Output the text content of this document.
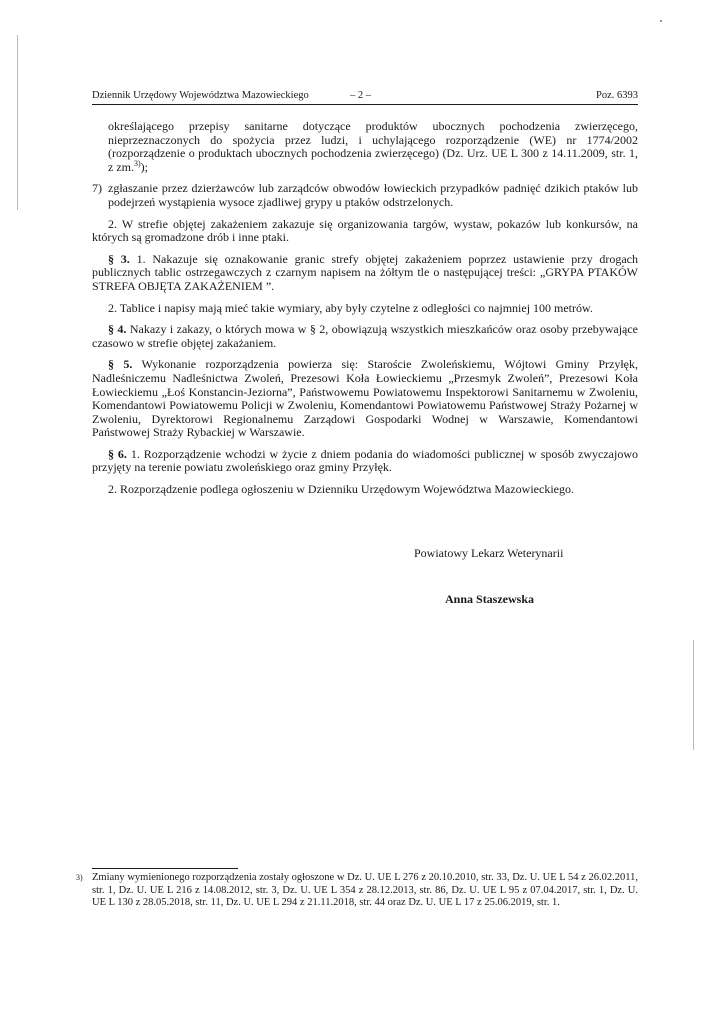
Dziennik Urzędowy Województwa Mazowieckiego	– 2 –	Poz. 6393

określającego przepisy sanitarne dotyczące produktów ubocznych pochodzenia zwierzęcego, nieprzeznaczonych do spożycia przez ludzi, i uchylającego rozporządzenie (WE) nr 1774/2002 (rozporządzenie o produktach ubocznych pochodzenia zwierzęcego) (Dz. Urz. UE L 300 z 14.11.2009, str. 1, z zm.$^{3)}$);

7) zgłaszanie przez dzierżawców lub zarządców obwodów łowieckich przypadków padnięć dzikich ptaków lub podejrzeń wystąpienia wysoce zjadliwej grypy u ptaków odstrzelonych.

2. W strefie objętej zakażeniem zakazuje się organizowania targów, wystaw, pokazów lub konkursów, na których są gromadzone drób i inne ptaki.

§ 3. 1. Nakazuje się oznakowanie granic strefy objętej zakażeniem poprzez ustawienie przy drogach publicznych tablic ostrzegawczych z czarnym napisem na żółtym tle o następującej treści: „GRYPA PTAKÓW STREFA OBJĘTA ZAKAŻENIEM ”.

2. Tablice i napisy mają mieć takie wymiary, aby były czytelne z odległości co najmniej 100 metrów.

§ 4. Nakazy i zakazy, o których mowa w § 2, obowiązują wszystkich mieszkańców oraz osoby przebywające czasowo w strefie objętej zakażaniem.

§ 5. Wykonanie rozporządzenia powierza się: Staroście Zwoleńskiemu, Wójtowi Gminy Przyłęk, Nadleśniczemu Nadleśnictwa Zwoleń, Prezesowi Koła Łowieckiemu „Przesmyk Zwoleń”, Prezesowi Koła Łowieckiemu „Łoś Konstancin-Jeziorna”, Państwowemu Powiatowemu Inspektorowi Sanitarnemu w Zwoleniu, Komendantowi Powiatowemu Policji w Zwoleniu, Komendantowi Powiatowemu Państwowej Straży Pożarnej w Zwoleniu, Dyrektorowi Regionalnemu Zarządowi Gospodarki Wodnej w Warszawie, Komendantowi Państwowej Straży Rybackiej w Warszawie.

§ 6. 1. Rozporządzenie wchodzi w życie z dniem podania do wiadomości publicznej w sposób zwyczajowo przyjęty na terenie powiatu zwoleńskiego oraz gminy Przyłęk.

2. Rozporządzenie podlega ogłoszeniu w Dzienniku Urzędowym Województwa Mazowieckiego.

Powiatowy Lekarz Weterynarii
Anna Staszewska
3) Zmiany wymienionego rozporządzenia zostały ogłoszone w Dz. U. UE L 276 z 20.10.2010, str. 33, Dz. U. UE L 54 z 26.02.2011, str. 1, Dz. U. UE L 216 z 14.08.2012, str. 3, Dz. U. UE L 354 z 28.12.2013, str. 86, Dz. U. UE L 95 z 07.04.2017, str. 1, Dz. U. UE L 130 z 28.05.2018, str. 11, Dz. U. UE L 294 z 21.11.2018, str. 44 oraz Dz. U. UE L 17 z 25.06.2019, str. 1.
